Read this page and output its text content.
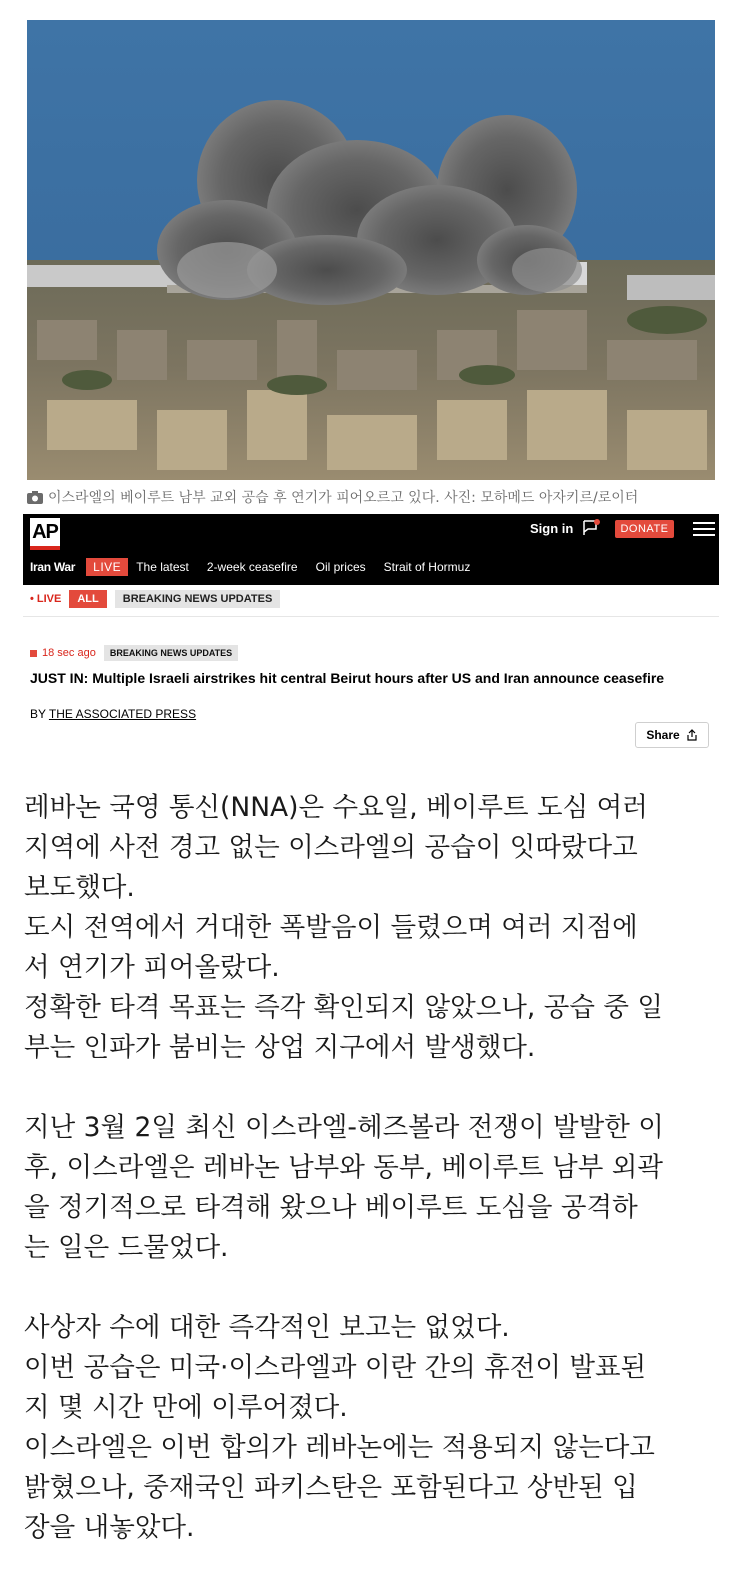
이스라엘의 베이루트 남부 교외 공습 후 연기가 피어오르고 있다. 사진: 모하메드 아자키르/로이터
AP	Sign in	DONATE
Iran War	LIVE	The latest 2-week ceasefire Oil prices Strait of Hormuz
• LIVE	ALL	BREAKING NEWS UPDATES
18 sec ago	BREAKING NEWS UPDATES
JUST IN: Multiple Israeli airstrikes hit central Beirut hours after US and Iran announce ceasefire
BY THE ASSOCIATED PRESS
Share

레바논 국영 통신(NNA)은 수요일, 베이루트 도심 여러

지역에 사전 경고 없는 이스라엘의 공습이 잇따랐다고

보도했다.

도시 전역에서 거대한 폭발음이 들렸으며 여러 지점에

서 연기가 피어올랐다.

정확한 타격 목표는 즉각 확인되지 않았으나, 공습 중 일

부는 인파가 붐비는 상업 지구에서 발생했다.

지난 3월 2일 최신 이스라엘-헤즈볼라 전쟁이 발발한 이

후, 이스라엘은 레바논 남부와 동부, 베이루트 남부 외곽

을 정기적으로 타격해 왔으나 베이루트 도심을 공격하

는 일은 드물었다.

사상자 수에 대한 즉각적인 보고는 없었다.

이번 공습은 미국·이스라엘과 이란 간의 휴전이 발표된

지 몇 시간 만에 이루어졌다.

이스라엘은 이번 합의가 레바논에는 적용되지 않는다고

밝혔으나, 중재국인 파키스탄은 포함된다고 상반된 입

장을 내놓았다.
